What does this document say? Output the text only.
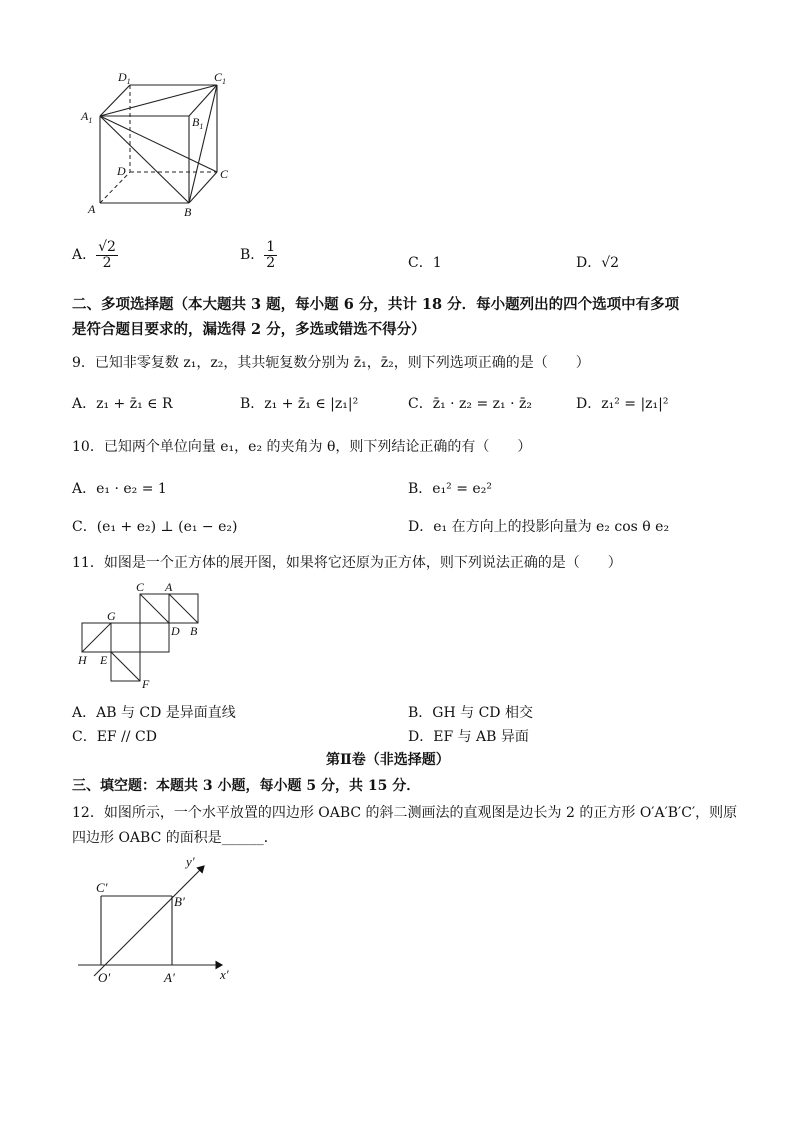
$D_1$	$C_1$
$A_1$	$B_1$
D	C
A	B
A． $\frac{√2}{2}$	B． $\frac{1}{2}$	C．1	D．√2
二、多项选择题（本大题共 3 题，每小题 6 分，共计 18 分．每小题列出的四个选项中有多项
是符合题目要求的，漏选得 2 分，多选或错选不得分）
9．已知非零复数 z₁，z₂，其共轭复数分别为 z̄₁，z̄₂，则下列选项正确的是（　　）
A．z₁ + z̄₁ ∈ R	B．z₁ + z̄₁ ∈ |z₁|²	C．z̄₁ · z₂ = z₁ · z̄₂	D．z₁² = |z₁|²
10．已知两个单位向量 e₁，e₂ 的夹角为 θ，则下列结论正确的有（　　）
A．e₁ · e₂ = 1	B．e₁² = e₂²
C．(e₁ + e₂) ⊥ (e₁ − e₂)	D．e₁ 在方向上的投影向量为 e₂ cos θ e₂
11．如图是一个正方体的展开图，如果将它还原为正方体，则下列说法正确的是（　　）
C A
G
D B
H E
F
A．AB 与 CD 是异面直线	B．GH 与 CD 相交
C．EF // CD	D．EF 与 AB 异面
第Ⅱ卷（非选择题）
三、填空题：本题共 3 小题，每小题 5 分，共 15 分．
12．如图所示，一个水平放置的四边形 OABC 的斜二测画法的直观图是边长为 2 的正方形 O′A′B′C′，则原
四边形 OABC 的面积是______．
y′
C′
B′
O′	A′	x′
